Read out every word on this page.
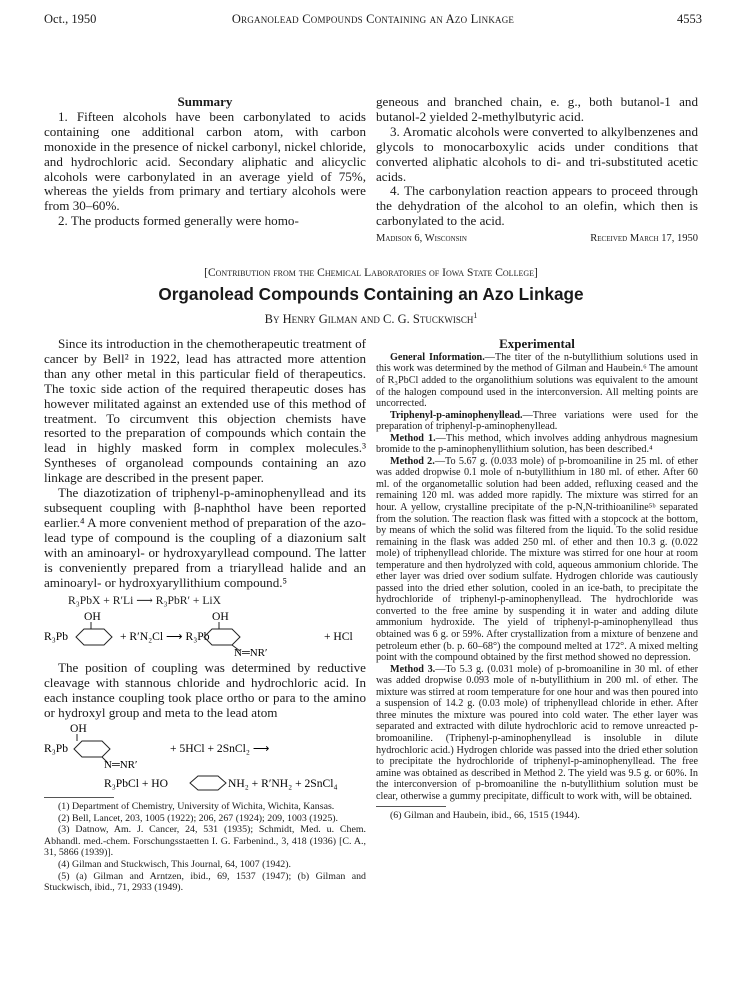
Oct., 1950	Organolead Compounds Containing an Azo Linkage	4553

Summary

1. Fifteen alcohols have been carbonylated to acids containing one additional carbon atom, with carbon monoxide in the presence of nickel carbonyl, nickel chloride, and hydrochloric acid. Secondary aliphatic and alicyclic alcohols were carbonylated in an average yield of 75%, whereas the yields from primary and tertiary alcohols were from 30–60%.

2. The products formed generally were homo-

geneous and branched chain, e. g., both butanol-1 and butanol-2 yielded 2-methylbutyric acid.

3. Aromatic alcohols were converted to alkylbenzenes and glycols to monocarboxylic acids under conditions that converted aliphatic alcohols to di- and tri-substituted acetic acids.

4. The carbonylation reaction appears to proceed through the dehydration of the alcohol to an olefin, which then is carbonylated to the acid.

Madison 6, Wisconsin	Received March 17, 1950
[Contribution from the Chemical Laboratories of Iowa State College]
Organolead Compounds Containing an Azo Linkage
By Henry Gilman and C. G. Stuckwisch$^1$

Since its introduction in the chemotherapeutic treatment of cancer by Bell² in 1922, lead has attracted more attention than any other metal in this particular field of therapeutics. The toxic side action of the required therapeutic doses has however militated against an extended use of this method of treatment. To circumvent this objection chemists have resorted to the preparation of compounds which contain the lead in highly masked form in complex molecules.³ Syntheses of organolead compounds containing an azo linkage are described in the present paper.

The diazotization of triphenyl-p-aminophenyllead and its subsequent coupling with β-naphthol have been reported earlier.⁴ A more convenient method of preparation of the azo-lead type of compound is the coupling of a diazonium salt with an aminoaryl- or hydroxyaryllead compound. The latter is conveniently prepared from a triaryllead halide and an aminoaryl- or hydroxyaryllithium compound.⁵

R₃PbX + R′Li ⟶ R₃PbR′ + LiX
OH	OH
R₃Pb	+ R′N₂Cl ⟶ R₃Pb
N═NR′
+ HCl

The position of coupling was determined by reductive cleavage with stannous chloride and hydrochloric acid. In each instance coupling took place ortho or para to the amino or hydroxyl group and meta to the lead atom

OH
R₃Pb
N═NR′
+ 5HCl + 2SnCl₂ ⟶
R₃PbCl + HO	NH₂ + R′NH₂ + 2SnCl₄

(1) Department of Chemistry, University of Wichita, Wichita, Kansas.

(2) Bell, Lancet, 203, 1005 (1922); 206, 267 (1924); 209, 1003 (1925).

(3) Datnow, Am. J. Cancer, 24, 531 (1935); Schmidt, Med. u. Chem. Abhandl. med.-chem. Forschungsstaetten I. G. Farbenind., 3, 418 (1936) [C. A., 31, 5866 (1939)].

(4) Gilman and Stuckwisch, This Journal, 64, 1007 (1942).

(5) (a) Gilman and Arntzen, ibid., 69, 1537 (1947); (b) Gilman and Stuckwisch, ibid., 71, 2933 (1949).

Experimental

General Information.—The titer of the n-butyllithium solutions used in this work was determined by the method of Gilman and Haubein.⁶ The amount of R₃PbCl added to the organolithium solutions was equivalent to the amount of the halogen compound used in the interconversion. All melting points are uncorrected.

Triphenyl-p-aminophenyllead.—Three variations were used for the preparation of triphenyl-p-aminophenyllead.

Method 1.—This method, which involves adding anhydrous magnesium bromide to the p-aminophenyllithium solution, has been described.⁴

Method 2.—To 5.67 g. (0.033 mole) of p-bromoaniline in 25 ml. of ether was added dropwise 0.1 mole of n-butyllithium in 180 ml. of ether. After 60 ml. of the organometallic solution had been added, refluxing ceased and the remaining 120 ml. was added more rapidly. The mixture was stirred for an hour. A yellow, crystalline precipitate of the p-N,N-trithioaniline⁵ᵇ separated from the solution. The reaction flask was fitted with a stopcock at the bottom, by means of which the solid was filtered from the liquid. To the solid residue remaining in the flask was added 250 ml. of ether and then 10.3 g. (0.022 mole) of triphenyllead chloride. The mixture was stirred for one hour at room temperature and then hydrolyzed with cold, aqueous ammonium chloride. The ether layer was dried over sodium sulfate. Hydrogen chloride was cautiously passed into the dried ether solution, cooled in an ice-bath, to precipitate the hydrochloride of triphenyl-p-aminophenyllead. The hydrochloride was converted to the free amine by suspending it in water and adding dilute ammonium hydroxide. The yield of triphenyl-p-aminophenyllead thus obtained was 6 g. or 59%. After crystallization from a mixture of benzene and petroleum ether (b. p. 60–68°) the compound melted at 172°. A mixed melting point with the compound obtained by the first method showed no depression.

Method 3.—To 5.3 g. (0.031 mole) of p-bromoaniline in 30 ml. of ether was added dropwise 0.093 mole of n-butyllithium in 200 ml. of ether. The mixture was stirred at room temperature for one hour and was then poured into a suspension of 14.2 g. (0.03 mole) of triphenyllead chloride in ether. After three minutes the mixture was poured into cold water. The ether layer was separated and extracted with dilute hydrochloric acid to remove unreacted p-bromoaniline. (Triphenyl-p-aminophenyllead is insoluble in dilute hydrochloric acid.) Hydrogen chloride was passed into the dried ether solution to precipitate the hydrochloride of triphenyl-p-aminophenyllead. The free amine was obtained as described in Method 2. The yield was 9.5 g. or 60%. In the interconversion of p-bromoaniline the n-butyllithium solution must be clear, otherwise a gummy precipitate, difficult to work with, will be obtained.

(6) Gilman and Haubein, ibid., 66, 1515 (1944).
